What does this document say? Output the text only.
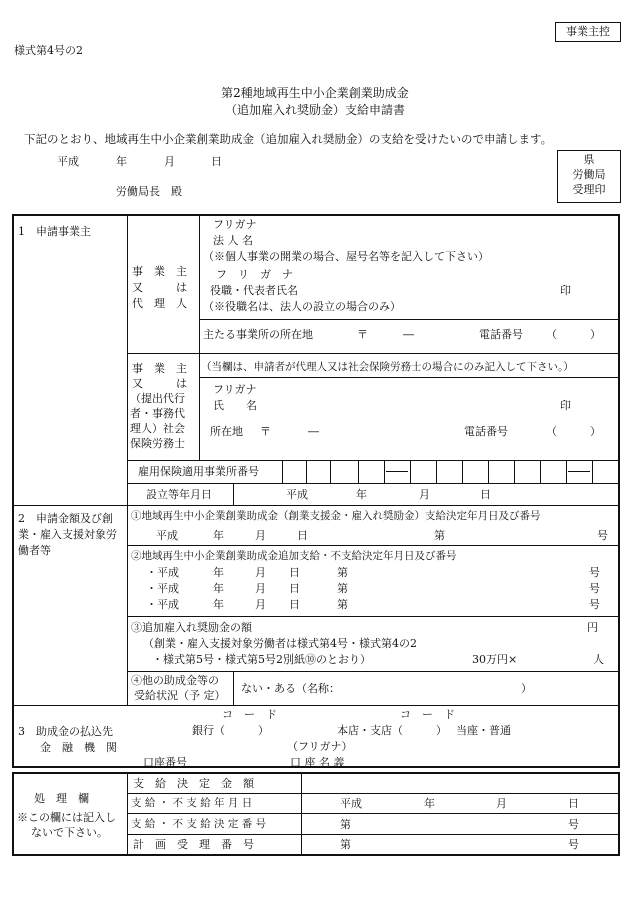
事業主控
様式第4号の2
第2種地域再生中小企業創業助成金
（追加雇入れ奨励金）支給申請書
下記のとおり、地域再生中小企業創業助成金（追加雇入れ奨励金）の支給を受けたいので申請します。
平成	年	月	日
労働局長　殿
県
労働局
受理印
1　申請事業主
事　業　主
又　　　は
代　理　人
フリガナ
法 人 名
（※個人事業の開業の場合、屋号名等を記入して下さい）
フ　リ　ガ　ナ
役職・代表者氏名	印
（※役職名は、法人の設立の場合のみ）
主たる事業所の所在地	〒	―	電話番号 （　　　）
事　業　主
又　　　は
（提出代行
者・事務代
理人）社会
保険労務士
（当欄は、申請者が代理人又は社会保険労務士の場合にのみ記入して下さい。）
フリガナ
氏　　名	印
所在地 〒	―	電話番号	（　　　）
雇用保険適用事業所番号
設立等年月日	平成	年	月	日
2　申請金額及び創
業・雇入支援対象労
働者等
①地域再生中小企業創業助成金（創業支援金・雇入れ奨励金）支給決定年月日及び番号
平成	年	月	日	第	号
②地域再生中小企業創業助成金追加支給・不支給決定年月日及び番号
・平成	年	月 日	第	号
・平成	年	月 日	第	号
・平成	年	月 日	第	号
③追加雇入れ奨励金の額	円
（創業・雇入支援対象労働者は様式第4号・様式第4の2
・様式第5号・様式第5号2別紙⑩のとおり）	30万円×	人
④他の助成金等の
受給状況（予 定）
ない・ある（名称：	）
3　助成金の払込先
金　融　機　関
コ　ー　ド	コ　ー　ド
銀行（　　　）	本店・支店（　　　） 当座・普通
（フリガナ）
口座番号	口 座 名 義
処　理　欄
※この欄には記入し
ないで下さい。
支　給　決　定　金　額
支 給 ・ 不 支 給 年 月 日	平成	年	月	日
支 給 ・ 不 支 給 決 定 番 号	第	号
計　画　受　理　番　号	第	号
